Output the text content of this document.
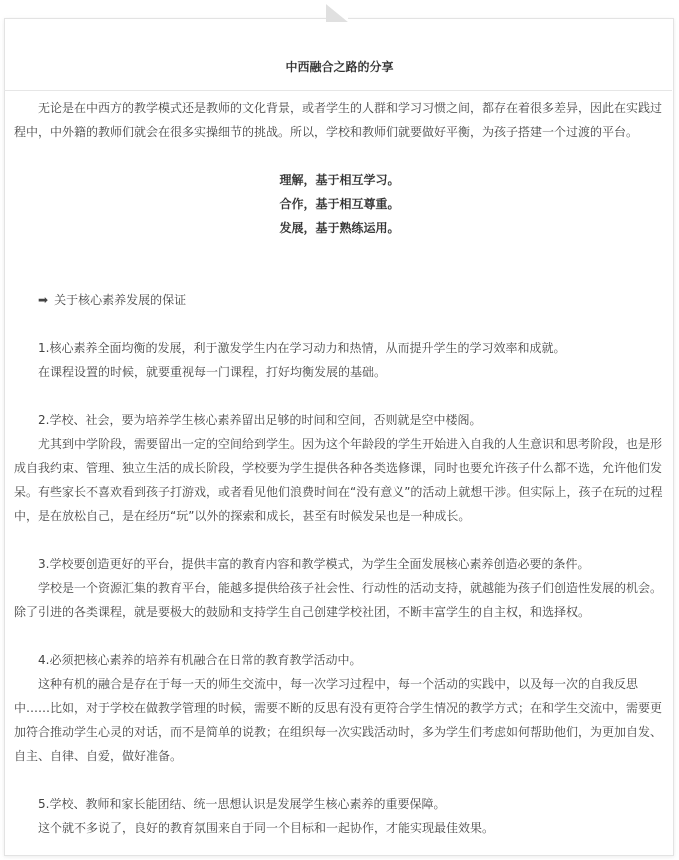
中西融合之路的分享

无论是在中西方的教学模式还是教师的文化背景，或者学生的人群和学习习惯之间，都存在着很多差异，因此在实践过程中，中外籍的教师们就会在很多实操细节的挑战。所以，学校和教师们就要做好平衡，为孩子搭建一个过渡的平台。

理解，基于相互学习。

合作，基于相互尊重。

发展，基于熟练运用。

➡ 关于核心素养发展的保证

1.核心素养全面均衡的发展，利于激发学生内在学习动力和热情，从而提升学生的学习效率和成就。

在课程设置的时候，就要重视每一门课程，打好均衡发展的基础。

2.学校、社会，要为培养学生核心素养留出足够的时间和空间，否则就是空中楼阁。

尤其到中学阶段，需要留出一定的空间给到学生。因为这个年龄段的学生开始进入自我的人生意识和思考阶段，也是形成自我约束、管理、独立生活的成长阶段，学校要为学生提供各种各类选修课，同时也要允许孩子什么都不选，允许他们发呆。有些家长不喜欢看到孩子打游戏，或者看见他们浪费时间在“没有意义”的活动上就想干涉。但实际上，孩子在玩的过程中，是在放松自己，是在经历“玩”以外的探索和成长，甚至有时候发呆也是一种成长。

3.学校要创造更好的平台，提供丰富的教育内容和教学模式，为学生全面发展核心素养创造必要的条件。

学校是一个资源汇集的教育平台，能越多提供给孩子社会性、行动性的活动支持，就越能为孩子们创造性发展的机会。除了引进的各类课程，就是要极大的鼓励和支持学生自己创建学校社团，不断丰富学生的自主权，和选择权。

4.必须把核心素养的培养有机融合在日常的教育教学活动中。

这种有机的融合是存在于每一天的师生交流中，每一次学习过程中，每一个活动的实践中，以及每一次的自我反思中……比如，对于学校在做教学管理的时候，需要不断的反思有没有更符合学生情况的教学方式；在和学生交流中，需要更加符合推动学生心灵的对话，而不是简单的说教；在组织每一次实践活动时，多为学生们考虑如何帮助他们，为更加自发、自主、自律、自爱，做好准备。

5.学校、教师和家长能团结、统一思想认识是发展学生核心素养的重要保障。

这个就不多说了，良好的教育氛围来自于同一个目标和一起协作，才能实现最佳效果。
